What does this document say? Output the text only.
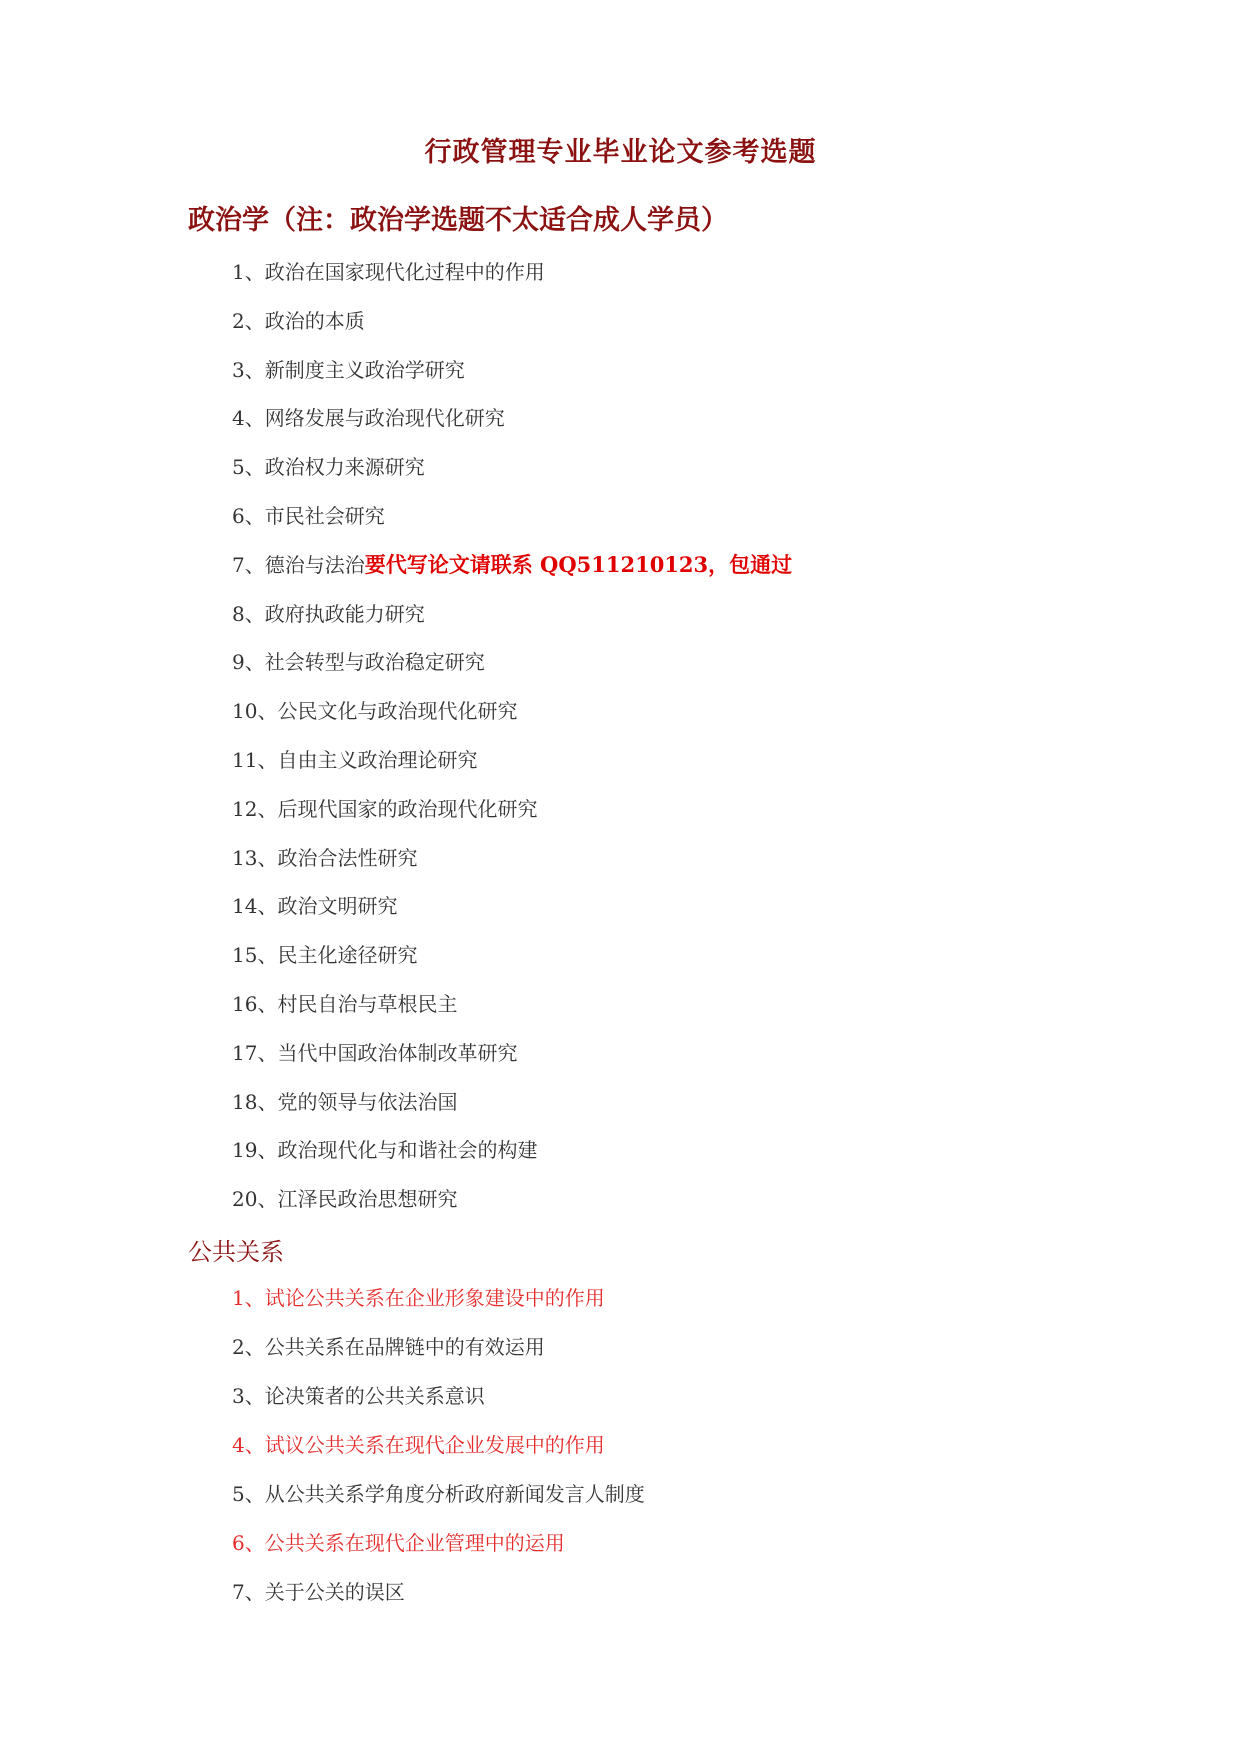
行政管理专业毕业论文参考选题
政治学（注：政治学选题不太适合成人学员）
1、政治在国家现代化过程中的作用
2、政治的本质
3、新制度主义政治学研究
4、网络发展与政治现代化研究
5、政治权力来源研究
6、市民社会研究
7、德治与法治要代写论文请联系 QQ511210123，包通过
8、政府执政能力研究
9、社会转型与政治稳定研究
10、公民文化与政治现代化研究
11、自由主义政治理论研究
12、后现代国家的政治现代化研究
13、政治合法性研究
14、政治文明研究
15、民主化途径研究
16、村民自治与草根民主
17、当代中国政治体制改革研究
18、党的领导与依法治国
19、政治现代化与和谐社会的构建
20、江泽民政治思想研究
公共关系
1、试论公共关系在企业形象建设中的作用
2、公共关系在品牌链中的有效运用
3、论决策者的公共关系意识
4、试议公共关系在现代企业发展中的作用
5、从公共关系学角度分析政府新闻发言人制度
6、公共关系在现代企业管理中的运用
7、关于公关的误区
